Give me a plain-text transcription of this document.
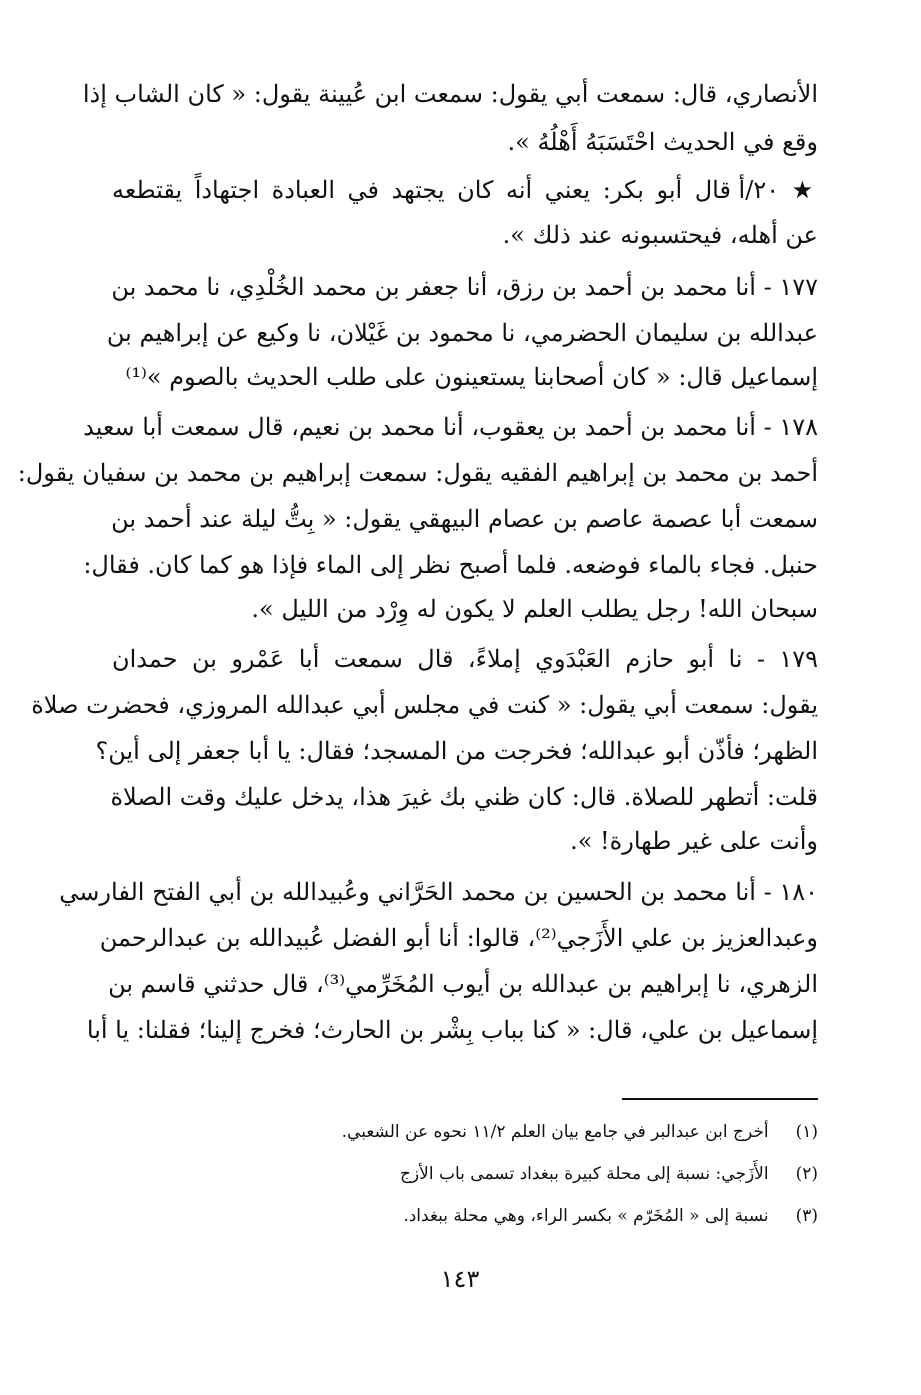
الأنصاري، قال: سمعت أبي يقول: سمعت ابن عُيينة يقول: « كان الشاب إذا
وقع في الحديث احْتَسَبَهُ أَهْلُهُ ».
★ ٢٠/أ قال أبو بكر: يعني أنه كان يجتهد في العبادة اجتهاداً يقتطعه
عن أهله، فيحتسبونه عند ذلك ».
١٧٧ - أنا محمد بن أحمد بن رزق، أنا جعفر بن محمد الخُلْدِي، نا محمد بن
عبدالله بن سليمان الحضرمي، نا محمود بن غَيْلان، نا وكيع عن إبراهيم بن
إسماعيل قال: « كان أصحابنا يستعينون على طلب الحديث بالصوم »⁽¹⁾
١٧٨ - أنا محمد بن أحمد بن يعقوب، أنا محمد بن نعيم، قال سمعت أبا سعيد
أحمد بن محمد بن إبراهيم الفقيه يقول: سمعت إبراهيم بن محمد بن سفيان يقول:
سمعت أبا عصمة عاصم بن عصام البيهقي يقول: « بِتُّ ليلة عند أحمد بن
حنبل. فجاء بالماء فوضعه. فلما أصبح نظر إلى الماء فإذا هو كما كان. فقال:
سبحان الله! رجل يطلب العلم لا يكون له وِرْد من الليل ».
١٧٩ - نا أبو حازم العَبْدَوي إملاءً، قال سمعت أبا عَمْرو بن حمدان
يقول: سمعت أبي يقول: « كنت في مجلس أبي عبدالله المروزي، فحضرت صلاة
الظهر؛ فأذّن أبو عبدالله؛ فخرجت من المسجد؛ فقال: يا أبا جعفر إلى أين؟
قلت: أتطهر للصلاة. قال: كان ظني بك غيرَ هذا، يدخل عليك وقت الصلاة
وأنت على غير طهارة! ».
١٨٠ - أنا محمد بن الحسين بن محمد الحَرَّاني وعُبيدالله بن أبي الفتح الفارسي
وعبدالعزيز بن علي الأَزَجي⁽²⁾، قالوا: أنا أبو الفضل عُبيدالله بن عبدالرحمن
الزهري، نا إبراهيم بن عبدالله بن أيوب المُخَرِّمي⁽³⁾، قال حدثني قاسم بن
إسماعيل بن علي، قال: « كنا بباب بِشْر بن الحارث؛ فخرج إلينا؛ فقلنا: يا أبا
(١) أخرج ابن عبدالبر في جامع بيان العلم ١١/٢ نحوه عن الشعبي.
(٢) الأَزَجي: نسبة إلى محلة كبيرة ببغداد تسمى باب الأزج
(٣) نسبة إلى « المُخَرّم » بكسر الراء، وهي محلة ببغداد.
١٤٣
